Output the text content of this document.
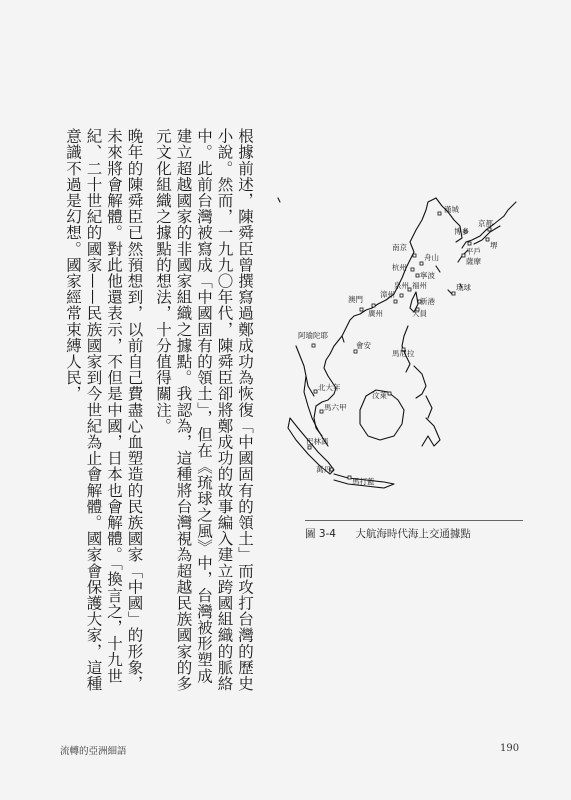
根據前述，陳舜臣曾撰寫過鄭成功為恢復「中國固有的領土」而攻打台灣的歷史小說。然而，一九九〇年代，陳舜臣卻將鄭成功的故事編入建立跨國組織的脈絡中。此前台灣被寫成「中國固有的領土」，但在《琉球之風》中，台灣被形塑成建立超越國家的非國家組織之據點。我認為，這種將台灣視為超越民族國家的多元文化組織之據點的想法，十分值得關注。

晚年的陳舜臣已然預想到，以前自己費盡心血塑造的民族國家「中國」的形象，未來將會解體。對此他還表示，不但是中國，日本也會解體。「換言之，十九世紀、二十世紀的國家——民族國家到今世紀為止會解體。國家會保護大家，這種意識不過是幻想。國家經常束縛人民，	漢城
京都
博多
平戶
堺
薩摩
南京
舟山
杭州
寧波
琉球
泉州 福州
漳州
新港
澳門
廣州	大員
阿瑜陀耶
會安
馬尼拉
北大年
汶萊
馬六甲
巴林馮
萬丹
馬打藍
圖 3-4 大航海時代海上交通據點
流轉的亞洲細語	190
